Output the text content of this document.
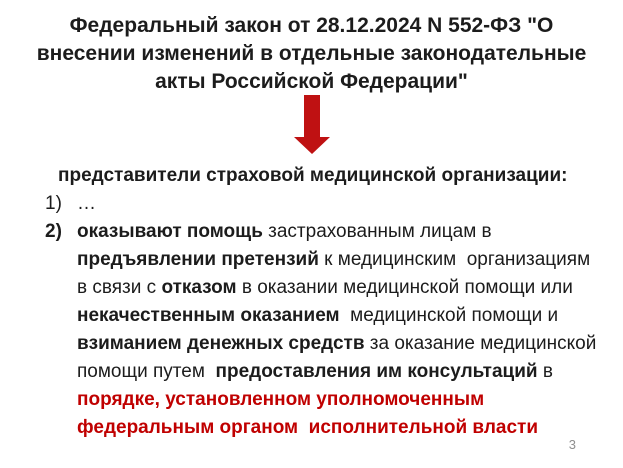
Федеральный закон от 28.12.2024 N 552-ФЗ "О
внесении изменений в отдельные законодательные
акты Российской Федерации"
представители страховой медицинской организации:
1) …
2) оказывают помощь застрахованным лицам в
предъявлении претензий к медицинским  организациям
в связи с отказом в оказании медицинской помощи или
некачественным оказанием  медицинской помощи и
взиманием денежных средств за оказание медицинской
помощи путем  предоставления им консультаций в
порядке, установленном уполномоченным
федеральным органом  исполнительной власти
3
